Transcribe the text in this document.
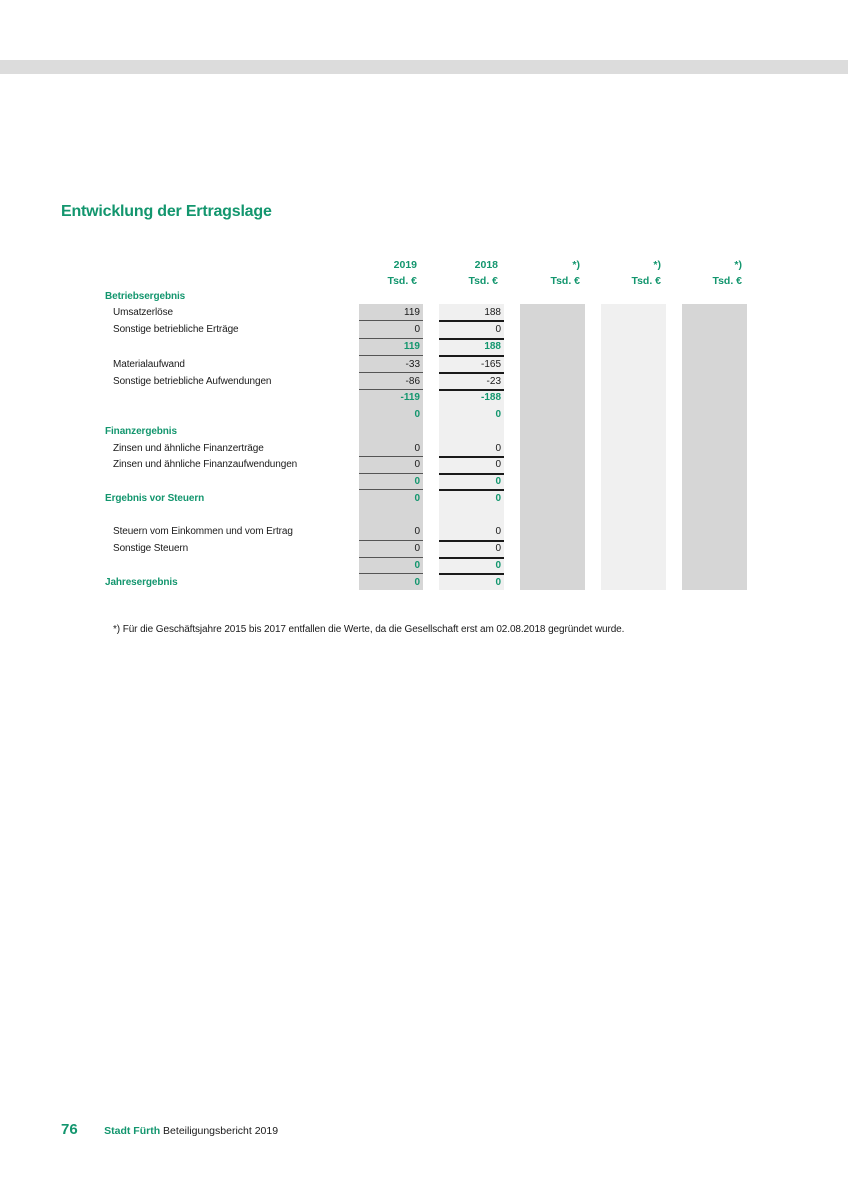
Entwicklung der Ertragslage
2019	2018	*)	*)	*)
Tsd. €	Tsd. €	Tsd. €	Tsd. €	Tsd. €
Betriebsergebnis
Umsatzerlöse	119	188
Sonstige betriebliche Erträge	0	0
119	188
Materialaufwand	-33	-165
Sonstige betriebliche Aufwendungen	-86	-23
-119	-188
0	0
Finanzergebnis
Zinsen und ähnliche Finanzerträge	0	0
Zinsen und ähnliche Finanzaufwendungen	0	0
0	0
Ergebnis vor Steuern	0	0
Steuern vom Einkommen und vom Ertrag	0	0
Sonstige Steuern	0	0
0	0
Jahresergebnis	0	0
*) Für die Geschäftsjahre 2015 bis 2017 entfallen die Werte, da die Gesellschaft erst am 02.08.2018 gegründet wurde.
76	Stadt Fürth Beteiligungsbericht 2019
